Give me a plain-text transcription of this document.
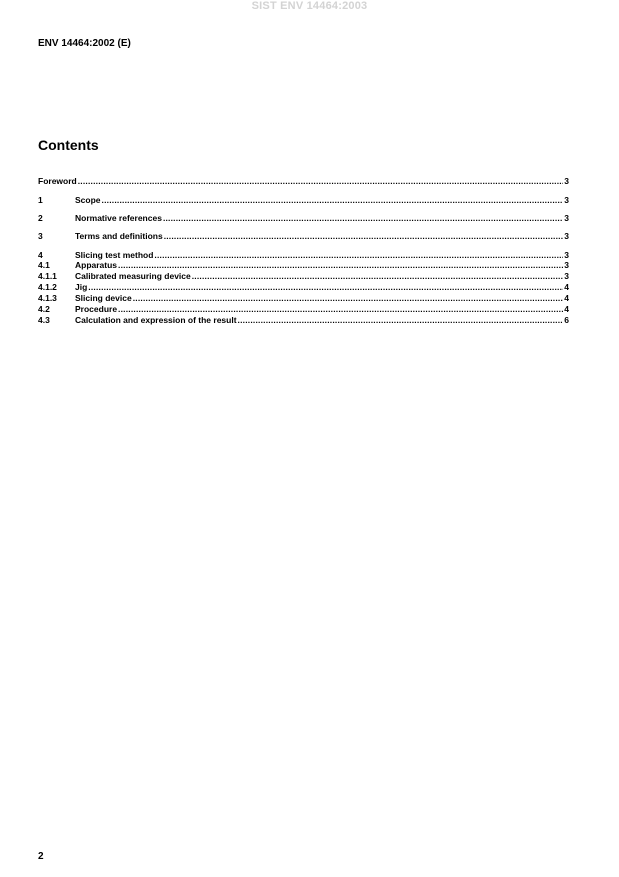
SIST ENV 14464:2003
ENV 14464:2002 (E)
Contents
Foreword .....	3
1	Scope .....	3
2	Normative references .....	3
3	Terms and definitions .....	3
4	Slicing test method .....	3
4.1	Apparatus .....	3
4.1.1	Calibrated measuring device .....	3
4.1.2	Jig .....	4
4.1.3	Slicing device .....	4
4.2	Procedure .....	4
4.3	Calculation and expression of the result .....	6
2
